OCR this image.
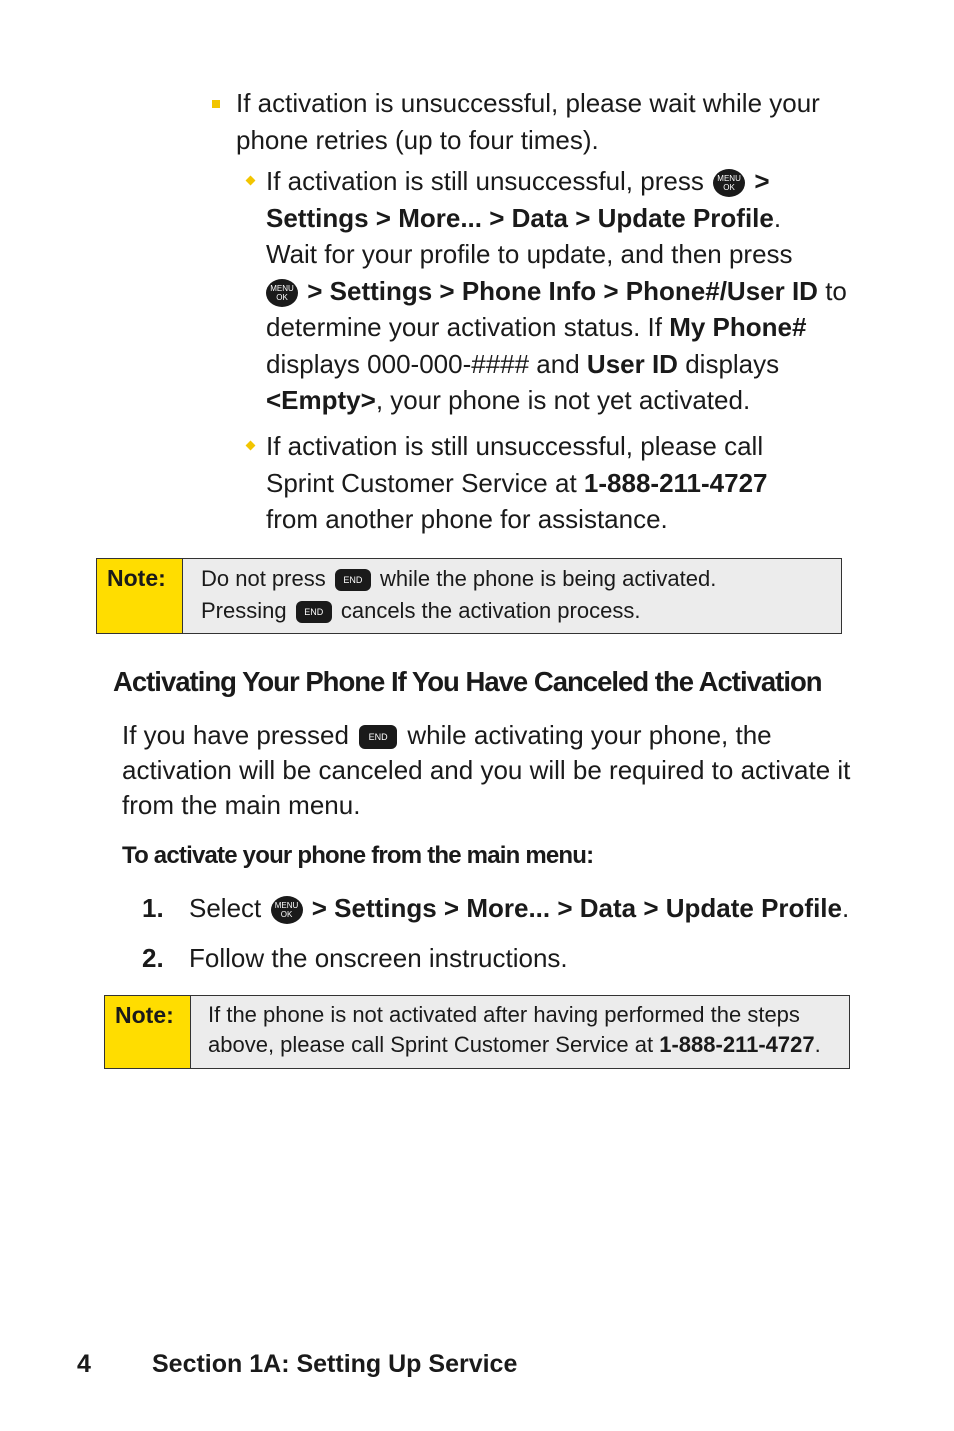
If activation is unsuccessful, please wait while your phone retries (up to four times).
If activation is still unsuccessful, press MENU
OK >
Settings > More... > Data > Update Profile.
Wait for your profile to update, and then press
MENU
OK > Settings > Phone Info > Phone#/User ID to determine your activation status. If My Phone# displays 000-000-#### and User ID displays <Empty>, your phone is not yet activated.
If activation is still unsuccessful, please call Sprint Customer Service at 1-888-211-4727 from another phone for assistance.
Note:	Do not press END while the phone is being activated.
Pressing END cancels the activation process.
Activating Your Phone If You Have Canceled the Activation
If you have pressed END while activating your phone, the activation will be canceled and you will be required to activate it from the main menu.
To activate your phone from the main menu:
1. Select MENU
OK > Settings > More... > Data > Update Profile.
2. Follow the onscreen instructions.
Note:	If the phone is not activated after having performed the steps above, please call Sprint Customer Service at 1-888-211-4727.
4 Section 1A: Setting Up Service
